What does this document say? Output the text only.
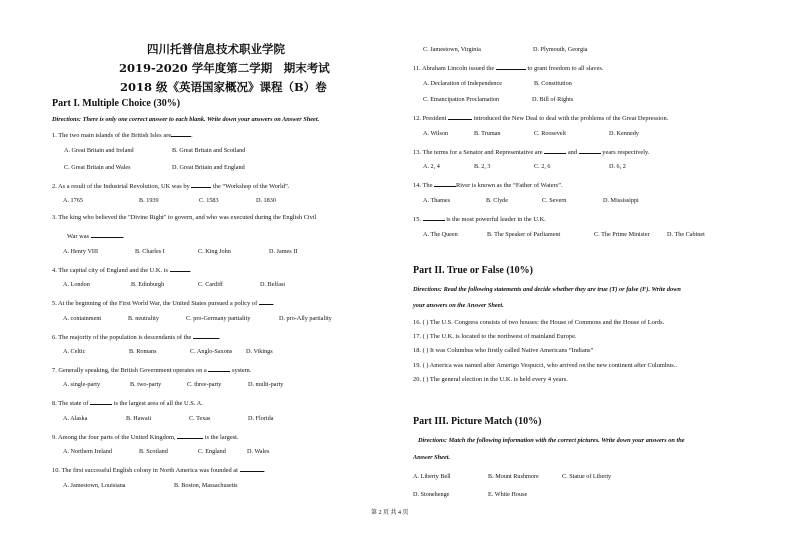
四川托普信息技术职业学院
2019-2020 学年度第二学期　期末考试
2018 级《英语国家概况》课程（B）卷
Part I. Multiple Choice (30%)
Directions: There is only one correct answer to each blank. Write down your answers on Answer Sheet.
1. The two main islands of the British Isles are	.
A. Great Britain and Ireland	B. Great Britain and Scotland
C. Great Britain and Wales	D. Great Britain and England
2. As a result of the Industrial Revolution, UK was by	the “Workshop of the World”.
A. 1765	B. 1939	C. 1583	D. 1830
3. The king who believed the "Divine Right" to govern, and who was executed during the English Civil
War was	.
A. Henry VIII	B. Charles I	C. King John	D. James II
4. The capital city of England and the U.K. is	.
A. London	B. Edinburgh	C. Cardiff	D. Belfast
5. At the beginning of the First World War, the United States pursued a policy of .
A. containment	B. neutrality	C. pro-Germany partiality	D. pro-Ally partiality
6. The majority of the population is descendants of the	.
A. Celtic	B. Romans	C. Anglo-Saxons D. Vikings
7. Generally speaking, the British Government operates on a	system.
A. single-party	B. two-party	C. three-party	D. multi-party
8. The state of	is the largest area of all the U.S. A.
A. Alaska	B. Hawaii	C. Texas	D. Florida
9. Among the four parts of the United Kingdom,	is the largest.
A. Northern Ireland	B. Scotland	C. England	D. Wales
10. The first successful English colony in North America was founded at	.
A. Jamestown, Louisiana	B. Boston, Massachusetts
C. Jamestown, Virginia	D. Plymouth, Georgia
11. Abraham Lincoln issued the	to grant freedom to all slaves.
A. Declaration of Independence	B. Constitution
C. Emancipation Proclamation	D. Bill of Rights
12. President	introduced the New Deal to deal with the problems of the Great Depression.
A. Wilson	B. Truman	C. Roosevelt	D. Kennedy
13. The terms for a Senator and Representative are	and	years respectively.
A. 2, 4	B. 2, 3	C. 2, 6	D. 6, 2
14. The	River is known as the “Father of Waters”.
A. Thames	B. Clyde	C. Severn	D. Mississippi
15.	is the most powerful leader in the U.K.
A. The Queen	B. The Speaker of Parliament	C. The Prime Minister	D. The Cabinet
Part II. True or False (10%)
Directions: Read the following statements and decide whether they are true (T) or false (F). Write down
your answers on the Answer Sheet.
16. ( ) The U.S. Congress consists of two houses: the House of Commons and the House of Lords.
17. ( ) The U.K. is located to the northwest of mainland Europe.
18. ( ) It was Columbus who firstly called Native Americans “Indians”
19. ( ) America was named after Amerigo Vespucci, who arrived on the new continent after Columbus..
20. ( ) The general election in the U.K. is held every 4 years.
Part III. Picture Match (10%)
Directions: Match the following information with the correct pictures. Write down your answers on the
Answer Sheet.
A. Liberty Bell	B. Mount Rushmore	C. Statue of Liberty
D. Stonehenge	E. White House
第 2 页 共 4 页
